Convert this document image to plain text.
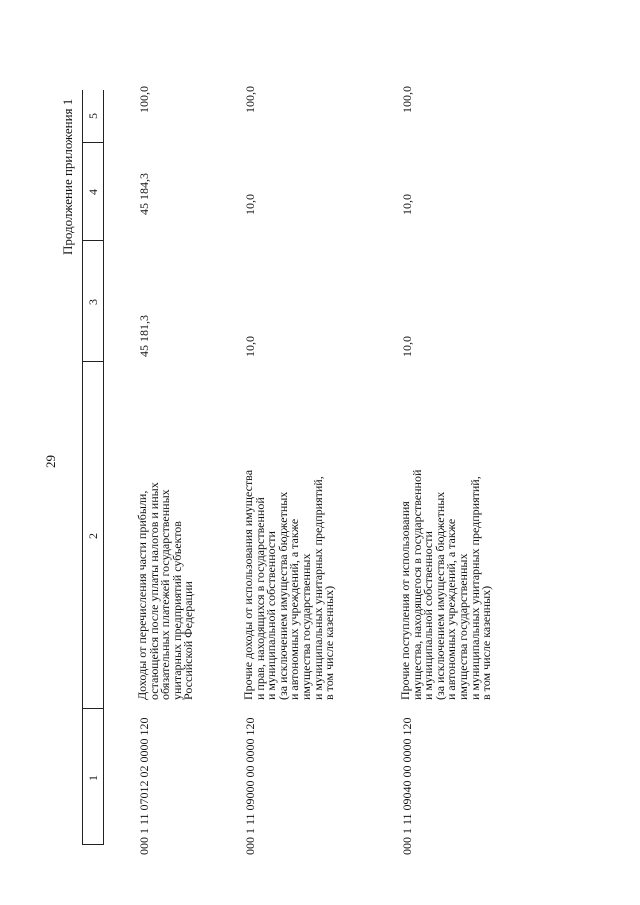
29
Продолжение приложения 1
1
2
3
4
5
000 1 11 07012 02 0000 120
Доходы от перечисления части прибыли,
остающейся после уплаты налогов и иных
обязательных платежей государственных
унитарных предприятий субъектов
Российской Федерации
45 181,3
45 184,3
100,0
000 1 11 09000 00 0000 120
Прочие доходы от использования имущества
и прав, находящихся в государственной
и муниципальной собственности
(за исключением имущества бюджетных
и автономных учреждений, а также
имущества государственных
и муниципальных унитарных предприятий,
в том числе казенных)
10,0
10,0
100,0
000 1 11 09040 00 0000 120
Прочие поступления от использования
имущества, находящегося в государственной
и муниципальной собственности
(за исключением имущества бюджетных
и автономных учреждений, а также
имущества государственных
и муниципальных унитарных предприятий,
в том числе казенных)
10,0
10,0
100,0
